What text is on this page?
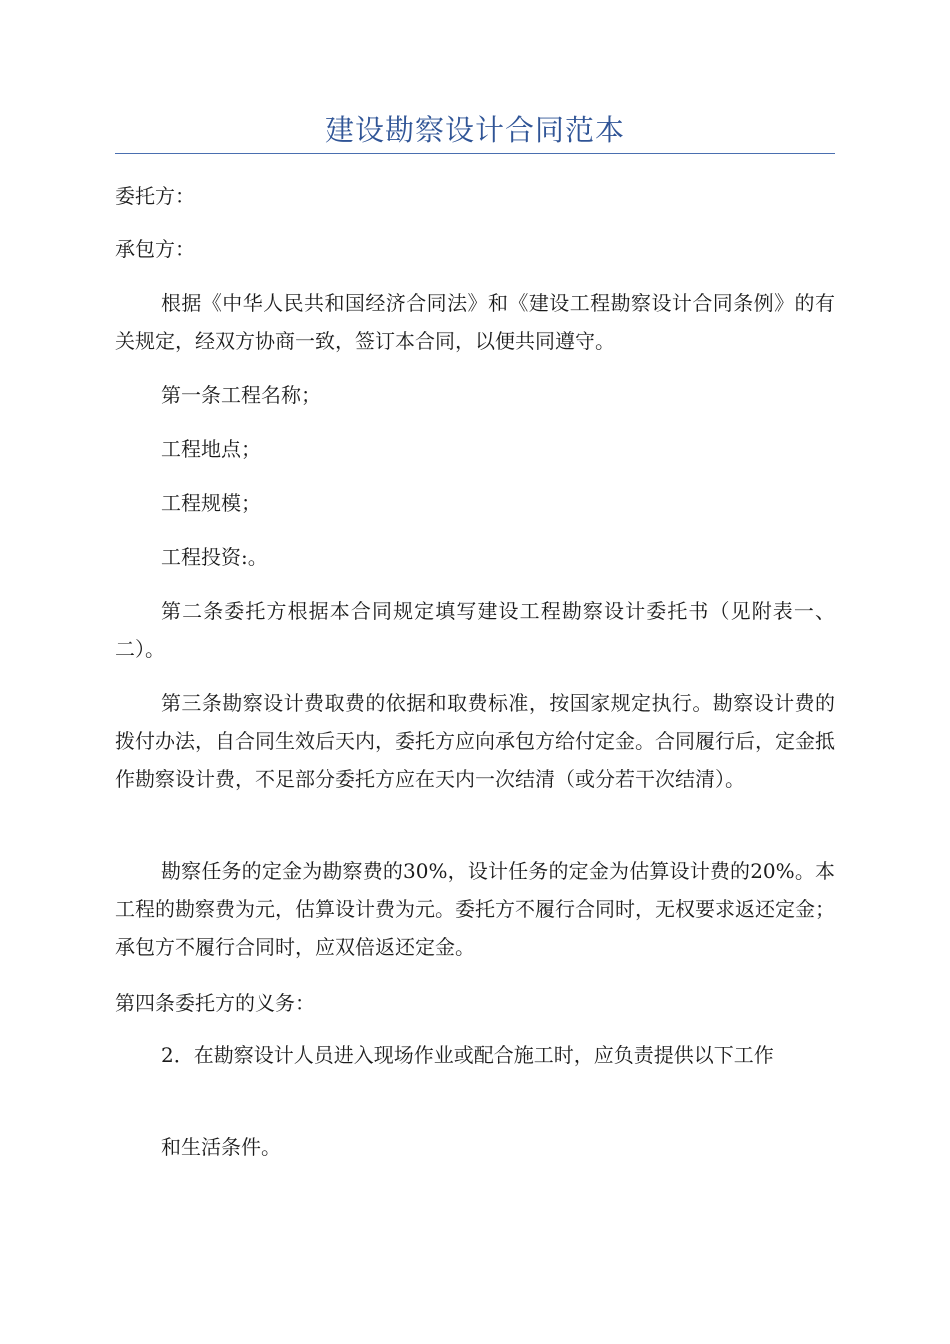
建设勘察设计合同范本

委托方：

承包方：

根据《中华人民共和国经济合同法》和《建设工程勘察设计合同条例》的有关规定，经双方协商一致，签订本合同，以便共同遵守。

第一条工程名称；

工程地点；

工程规模；

工程投资:。

第二条委托方根据本合同规定填写建设工程勘察设计委托书（见附表一、二）。

第三条勘察设计费取费的依据和取费标准，按国家规定执行。勘察设计费的拨付办法，自合同生效后天内，委托方应向承包方给付定金。合同履行后，定金抵作勘察设计费，不足部分委托方应在天内一次结清（或分若干次结清）。

勘察任务的定金为勘察费的30%，设计任务的定金为估算设计费的20%。本工程的勘察费为元，估算设计费为元。委托方不履行合同时，无权要求返还定金；承包方不履行合同时，应双倍返还定金。

第四条委托方的义务：

2．在勘察设计人员进入现场作业或配合施工时，应负责提供以下工作

和生活条件。
